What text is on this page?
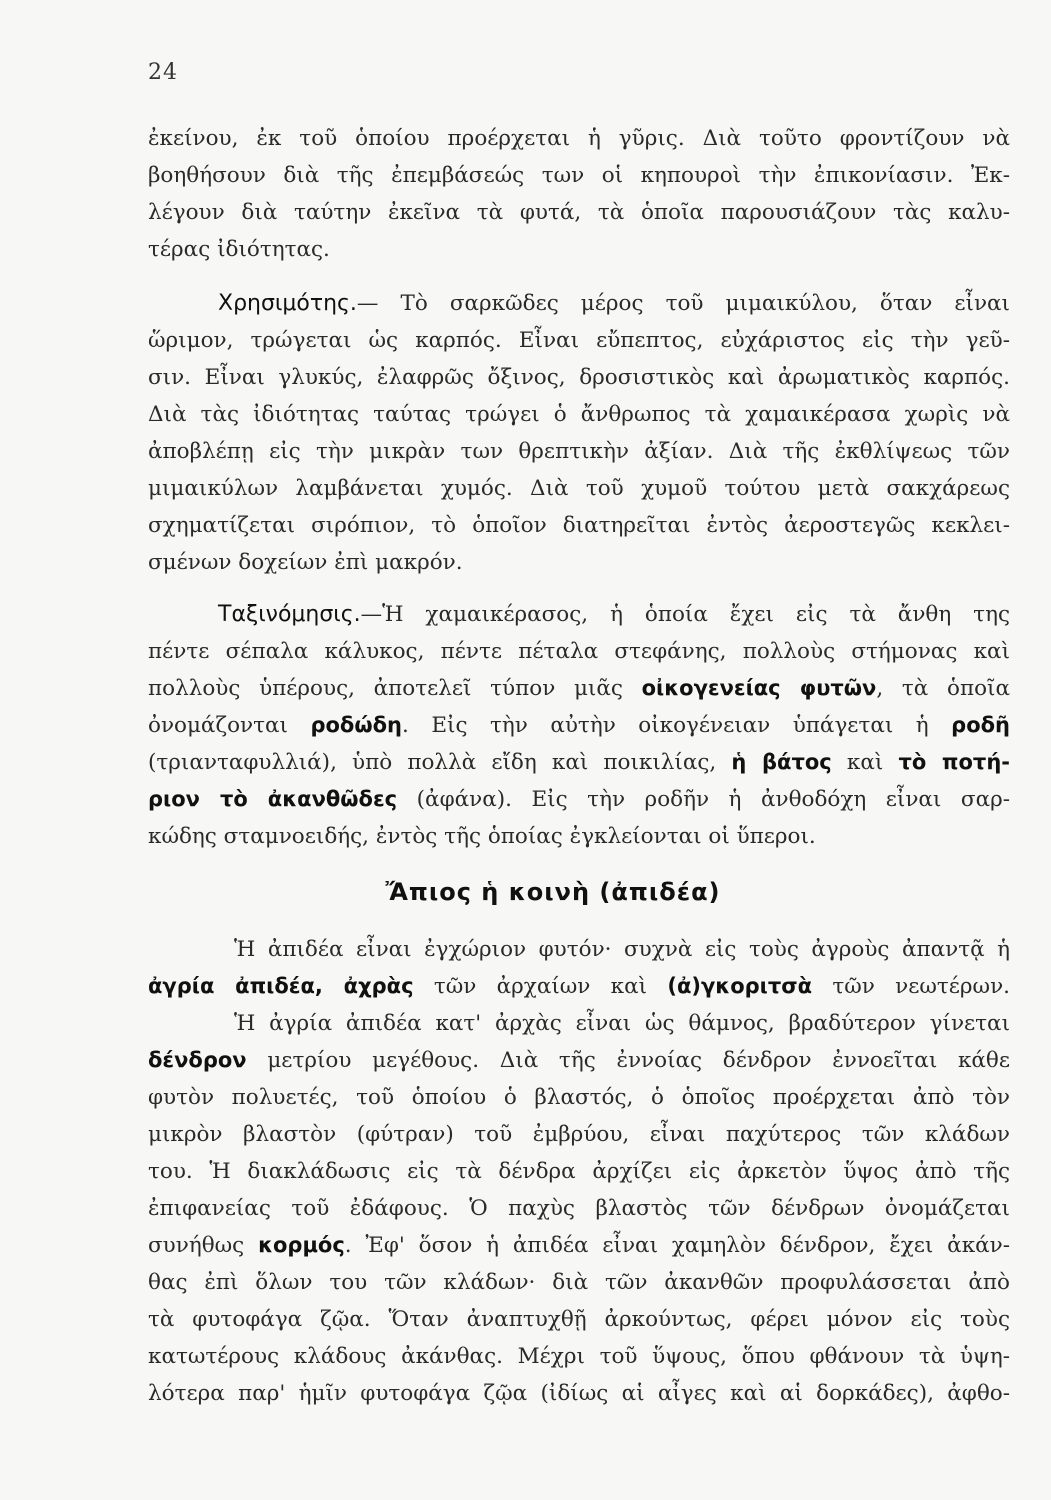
24
ἐκείνου, ἐκ τοῦ ὁποίου προέρχεται ἡ γῦρις. Διὰ τοῦτο φροντίζουν νὰ
βοηθήσουν διὰ τῆς ἐπεμβάσεώς των οἱ κηπουροὶ τὴν ἐπικονίασιν. Ἐκ-
λέγουν διὰ ταύτην ἐκεῖνα τὰ φυτά, τὰ ὁποῖα παρουσιάζουν τὰς καλυ-
τέρας ἰδιότητας.
Χρησιμότης.— Τὸ σαρκῶδες μέρος τοῦ μιμαικύλου, ὅταν εἶναι
ὥριμον, τρώγεται ὡς καρπός. Εἶναι εὔπεπτος, εὐχάριστος εἰς τὴν γεῦ-
σιν. Εἶναι γλυκύς, ἐλαφρῶς ὄξινος, δροσιστικὸς καὶ ἀρωματικὸς καρπός.
Διὰ τὰς ἰδιότητας ταύτας τρώγει ὁ ἄνθρωπος τὰ χαμαικέρασα χωρὶς νὰ
ἀποβλέπῃ εἰς τὴν μικρὰν των θρεπτικὴν ἀξίαν. Διὰ τῆς ἐκθλίψεως τῶν
μιμαικύλων λαμβάνεται χυμός. Διὰ τοῦ χυμοῦ τούτου μετὰ σακχάρεως
σχηματίζεται σιρόπιον, τὸ ὁποῖον διατηρεῖται ἐντὸς ἀεροστεγῶς κεκλει-
σμένων δοχείων ἐπὶ μακρόν.
Ταξινόμησις.—Ἡ χαμαικέρασος, ἡ ὁποία ἔχει εἰς τὰ ἄνθη της
πέντε σέπαλα κάλυκος, πέντε πέταλα στεφάνης, πολλοὺς στήμονας καὶ
πολλοὺς ὑπέρους, ἀποτελεῖ τύπον μιᾶς οἰκογενείας φυτῶν, τὰ ὁποῖα
ὀνομάζονται ροδώδη. Εἰς τὴν αὐτὴν οἰκογένειαν ὑπάγεται ἡ ροδῆ
(τριανταφυλλιά), ὑπὸ πολλὰ εἴδη καὶ ποικιλίας, ἡ βάτος καὶ τὸ ποτή-
ριον τὸ ἀκανθῶδες (ἀφάνα). Εἰς τὴν ροδῆν ἡ ἀνθοδόχη εἶναι σαρ-
κώδης σταμνοειδής, ἐντὸς τῆς ὁποίας ἐγκλείονται οἱ ὕπεροι.
Ἄπιος ἡ κοινὴ (ἀπιδέα)
Ἡ ἀπιδέα εἶναι ἐγχώριον φυτόν· συχνὰ εἰς τοὺς ἀγροὺς ἀπαντᾷ ἡ
ἀγρία ἀπιδέα, ἀχρὰς τῶν ἀρχαίων καὶ (ἀ)γκοριτσὰ τῶν νεωτέρων.
Ἡ ἀγρία ἀπιδέα κατ' ἀρχὰς εἶναι ὡς θάμνος, βραδύτερον γίνεται
δένδρον μετρίου μεγέθους. Διὰ τῆς ἐννοίας δένδρον ἐννοεῖται κάθε
φυτὸν πολυετές, τοῦ ὁποίου ὁ βλαστός, ὁ ὁποῖος προέρχεται ἀπὸ τὸν
μικρὸν βλαστὸν (φύτραν) τοῦ ἐμβρύου, εἶναι παχύτερος τῶν κλάδων
του. Ἡ διακλάδωσις εἰς τὰ δένδρα ἀρχίζει εἰς ἀρκετὸν ὕψος ἀπὸ τῆς
ἐπιφανείας τοῦ ἐδάφους. Ὁ παχὺς βλαστὸς τῶν δένδρων ὀνομάζεται
συνήθως κορμός. Ἐφ' ὅσον ἡ ἀπιδέα εἶναι χαμηλὸν δένδρον, ἔχει ἀκάν-
θας ἐπὶ ὅλων του τῶν κλάδων· διὰ τῶν ἀκανθῶν προφυλάσσεται ἀπὸ
τὰ φυτοφάγα ζῷα. Ὅταν ἀναπτυχθῇ ἀρκούντως, φέρει μόνον εἰς τοὺς
κατωτέρους κλάδους ἀκάνθας. Μέχρι τοῦ ὕψους, ὅπου φθάνουν τὰ ὑψη-
λότερα παρ' ἡμῖν φυτοφάγα ζῷα (ἰδίως αἱ αἶγες καὶ αἱ δορκάδες), ἀφθο-
